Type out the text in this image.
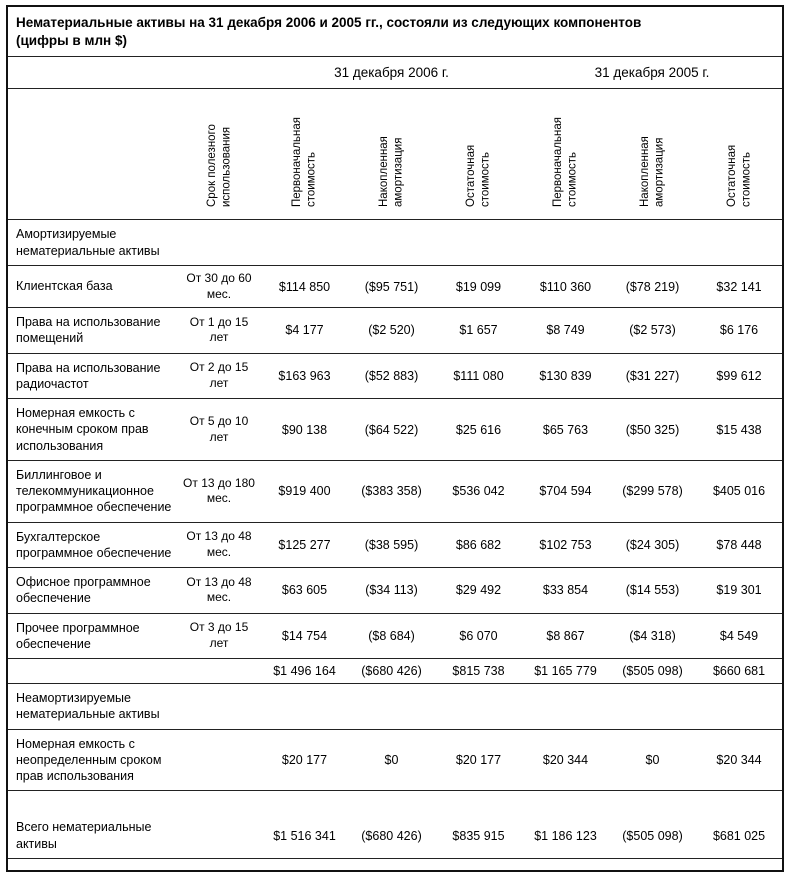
Нематериальные активы на 31 декабря 2006 и 2005 гг., состояли из следующих компонентов
(цифры в млн $)							

		31 декабря 2006 г.			31 декабря 2005 г.		
	Срок полезного использования	Первоначальная стоимость	Накопленная амортизация	Остаточная стоимость	Первоначальная стоимость	Накопленная амортизация	Остаточная стоимость
Амортизируемые нематериальные активы							
Клиентская база	От 30 до 60 мес.	$114 850	($95 751)	$19 099	$110 360	($78 219)	$32 141
Права на использование помещений	От 1 до 15 лет	$4 177	($2 520)	$1 657	$8 749	($2 573)	$6 176
Права на использование радиочастот	От 2 до 15 лет	$163 963	($52 883)	$111 080	$130 839	($31 227)	$99 612
Номерная емкость с конечным сроком прав использования	От 5 до 10 лет	$90 138	($64 522)	$25 616	$65 763	($50 325)	$15 438
Биллинговое и телекоммуникационное программное обеспечение	От 13 до 180 мес.	$919 400	($383 358)	$536 042	$704 594	($299 578)	$405 016
Бухгалтерское программное обеспечение	От 13 до 48 мес.	$125 277	($38 595)	$86 682	$102 753	($24 305)	$78 448
Офисное программное обеспечение	От 13 до 48 мес.	$63 605	($34 113)	$29 492	$33 854	($14 553)	$19 301
Прочее программное обеспечение	От 3 до 15 лет	$14 754	($8 684)	$6 070	$8 867	($4 318)	$4 549
		$1 496 164	($680 426)	$815 738	$1 165 779	($505 098)	$660 681
Неамортизируемые нематериальные активы							
Номерная емкость с неопределенным сроком прав использования		$20 177	$0	$20 177	$20 344	$0	$20 344

Всего нематериальные активы		$1 516 341	($680 426)	$835 915	$1 186 123	($505 098)	$681 025
